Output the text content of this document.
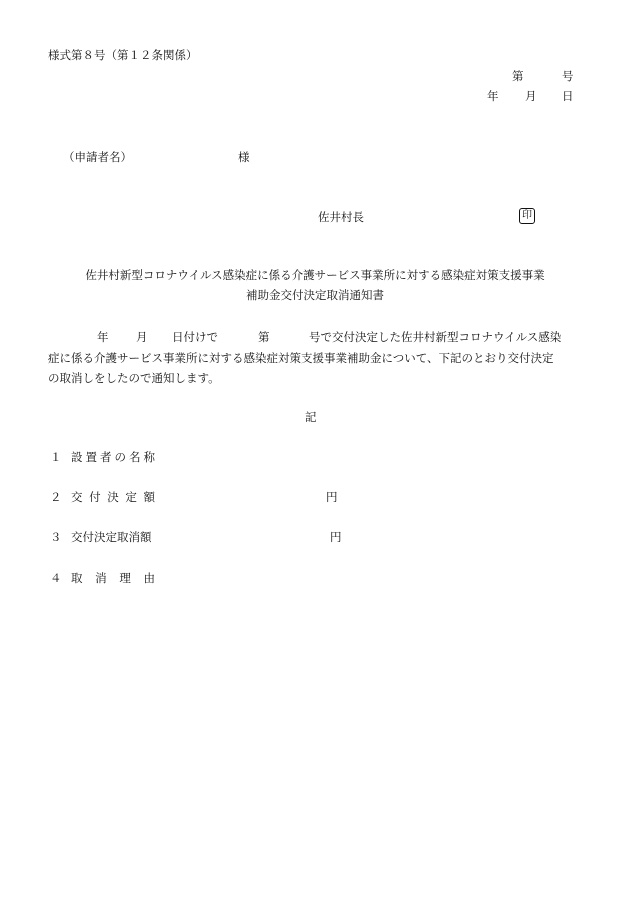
様式第８号（第１２条関係）
第	号
年 月 日
（申請者名）	様
佐井村長	印
佐井村新型コロナウイルス感染症に係る介護サービス事業所に対する感染症対策支援事業
補助金交付決定取消通知書
年 月 日付けで	第	号で交付決定した佐井村新型コロナウイルス感染
症に係る介護サービス事業所に対する感染症対策支援事業補助金について、下記のとおり交付決定
の取消しをしたので通知します。
記
１ 設 置 者 の 名 称
２ 交 付 決 定 額	円
３ 交付決定取消額	円
４ 取 消 理 由
